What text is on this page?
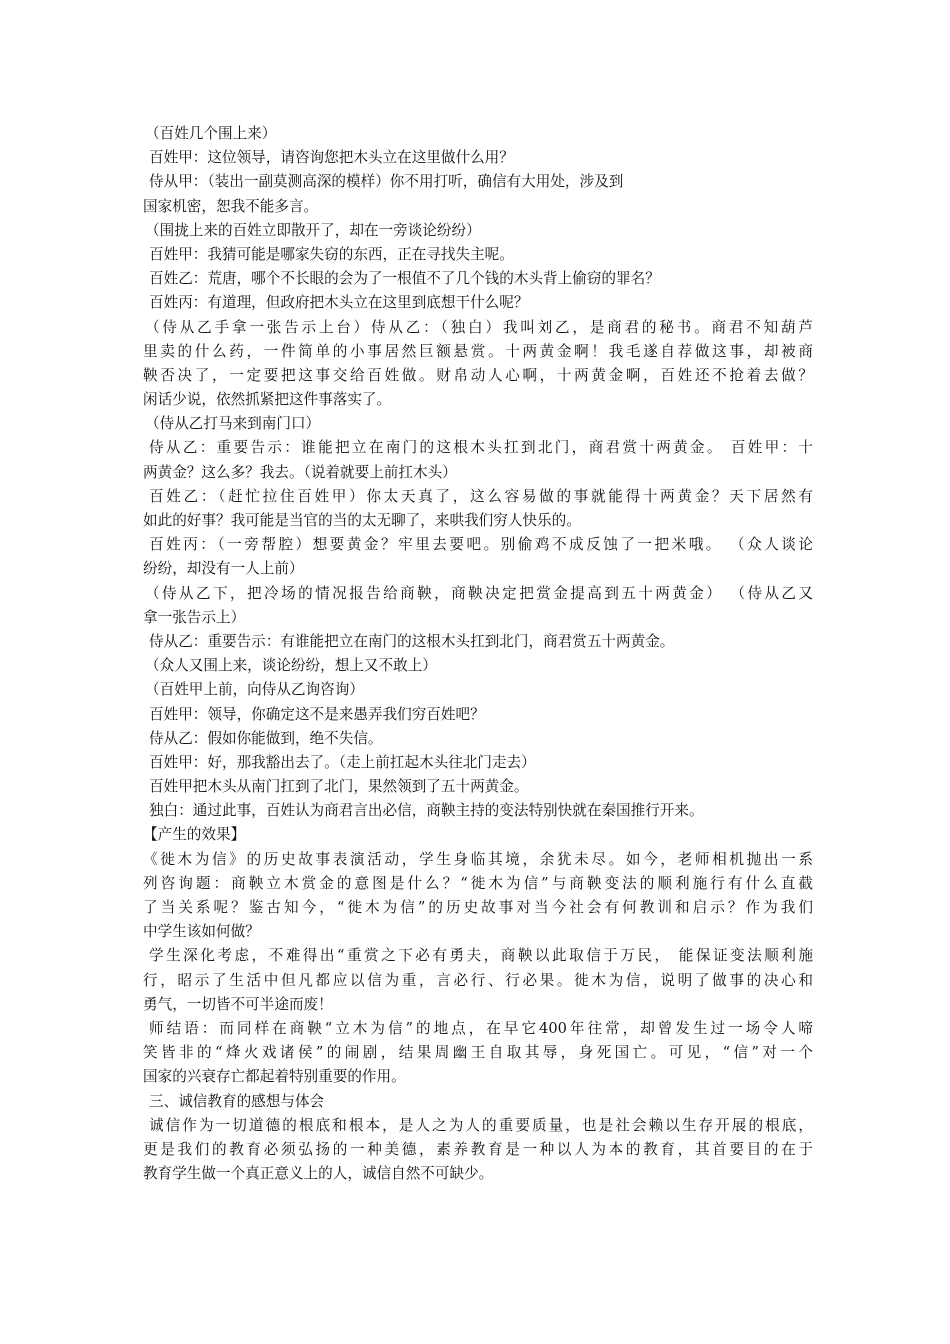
（百姓几个围上来）
百姓甲：这位领导，请咨询您把木头立在这里做什么用？
侍从甲：（装出一副莫测高深的模样）你不用打听，确信有大用处，涉及到
国家机密，恕我不能多言。
（围拢上来的百姓立即散开了，却在一旁谈论纷纷）
百姓甲：我猜可能是哪家失窃的东西，正在寻找失主呢。
百姓乙：荒唐，哪个不长眼的会为了一根值不了几个钱的木头背上偷窃的罪名？
百姓丙：有道理，但政府把木头立在这里到底想干什么呢？
（侍从乙手拿一张告示上台）侍从乙：（独白）我叫刘乙，是商君的秘书。商君不知葫芦
里卖的什么药，一件简单的小事居然巨额悬赏。十两黄金啊！我毛遂自荐做这事，却被商
鞅否决了，一定要把这事交给百姓做。财帛动人心啊，十两黄金啊，百姓还不抢着去做？
闲话少说，依然抓紧把这件事落实了。
（侍从乙打马来到南门口）
侍从乙：重要告示：谁能把立在南门的这根木头扛到北门，商君赏十两黄金。 百姓甲：十
两黄金？这么多？我去。（说着就要上前扛木头）
百姓乙：（赶忙拉住百姓甲）你太天真了，这么容易做的事就能得十两黄金？天下居然有
如此的好事？我可能是当官的当的太无聊了，来哄我们穷人快乐的。
百姓丙：（一旁帮腔）想要黄金？牢里去要吧。别偷鸡不成反蚀了一把米哦。 （众人谈论
纷纷，却没有一人上前）
（侍从乙下，把冷场的情况报告给商鞅，商鞅决定把赏金提高到五十两黄金） （侍从乙又
拿一张告示上）
侍从乙：重要告示：有谁能把立在南门的这根木头扛到北门，商君赏五十两黄金。
（众人又围上来，谈论纷纷，想上又不敢上）
（百姓甲上前，向侍从乙询咨询）
百姓甲：领导，你确定这不是来愚弄我们穷百姓吧？
侍从乙：假如你能做到，绝不失信。
百姓甲：好，那我豁出去了。（走上前扛起木头往北门走去）
百姓甲把木头从南门扛到了北门，果然领到了五十两黄金。
独白：通过此事，百姓认为商君言出必信，商鞅主持的变法特别快就在秦国推行开来。
【产生的效果】
《徙木为信》的历史故事表演活动，学生身临其境，余犹未尽。如今，老师相机抛出一系
列咨询题：商鞅立木赏金的意图是什么？“徙木为信”与商鞅变法的顺利施行有什么直截
了当关系呢？鉴古知今，“徙木为信”的历史故事对当今社会有何教训和启示？作为我们
中学生该如何做？
学生深化考虑，不难得出“重赏之下必有勇夫，商鞅以此取信于万民， 能保证变法顺利施
行，昭示了生活中但凡都应以信为重，言必行、行必果。徙木为信，说明了做事的决心和
勇气，一切皆不可半途而废！
师结语：而同样在商鞅“立木为信”的地点，在早它400年往常，却曾发生过一场令人啼
笑皆非的“烽火戏诸侯”的闹剧，结果周幽王自取其辱，身死国亡。可见，“信”对一个
国家的兴衰存亡都起着特别重要的作用。
三、诚信教育的感想与体会
诚信作为一切道德的根底和根本，是人之为人的重要质量，也是社会赖以生存开展的根底，
更是我们的教育必须弘扬的一种美德，素养教育是一种以人为本的教育，其首要目的在于
教育学生做一个真正意义上的人，诚信自然不可缺少。
